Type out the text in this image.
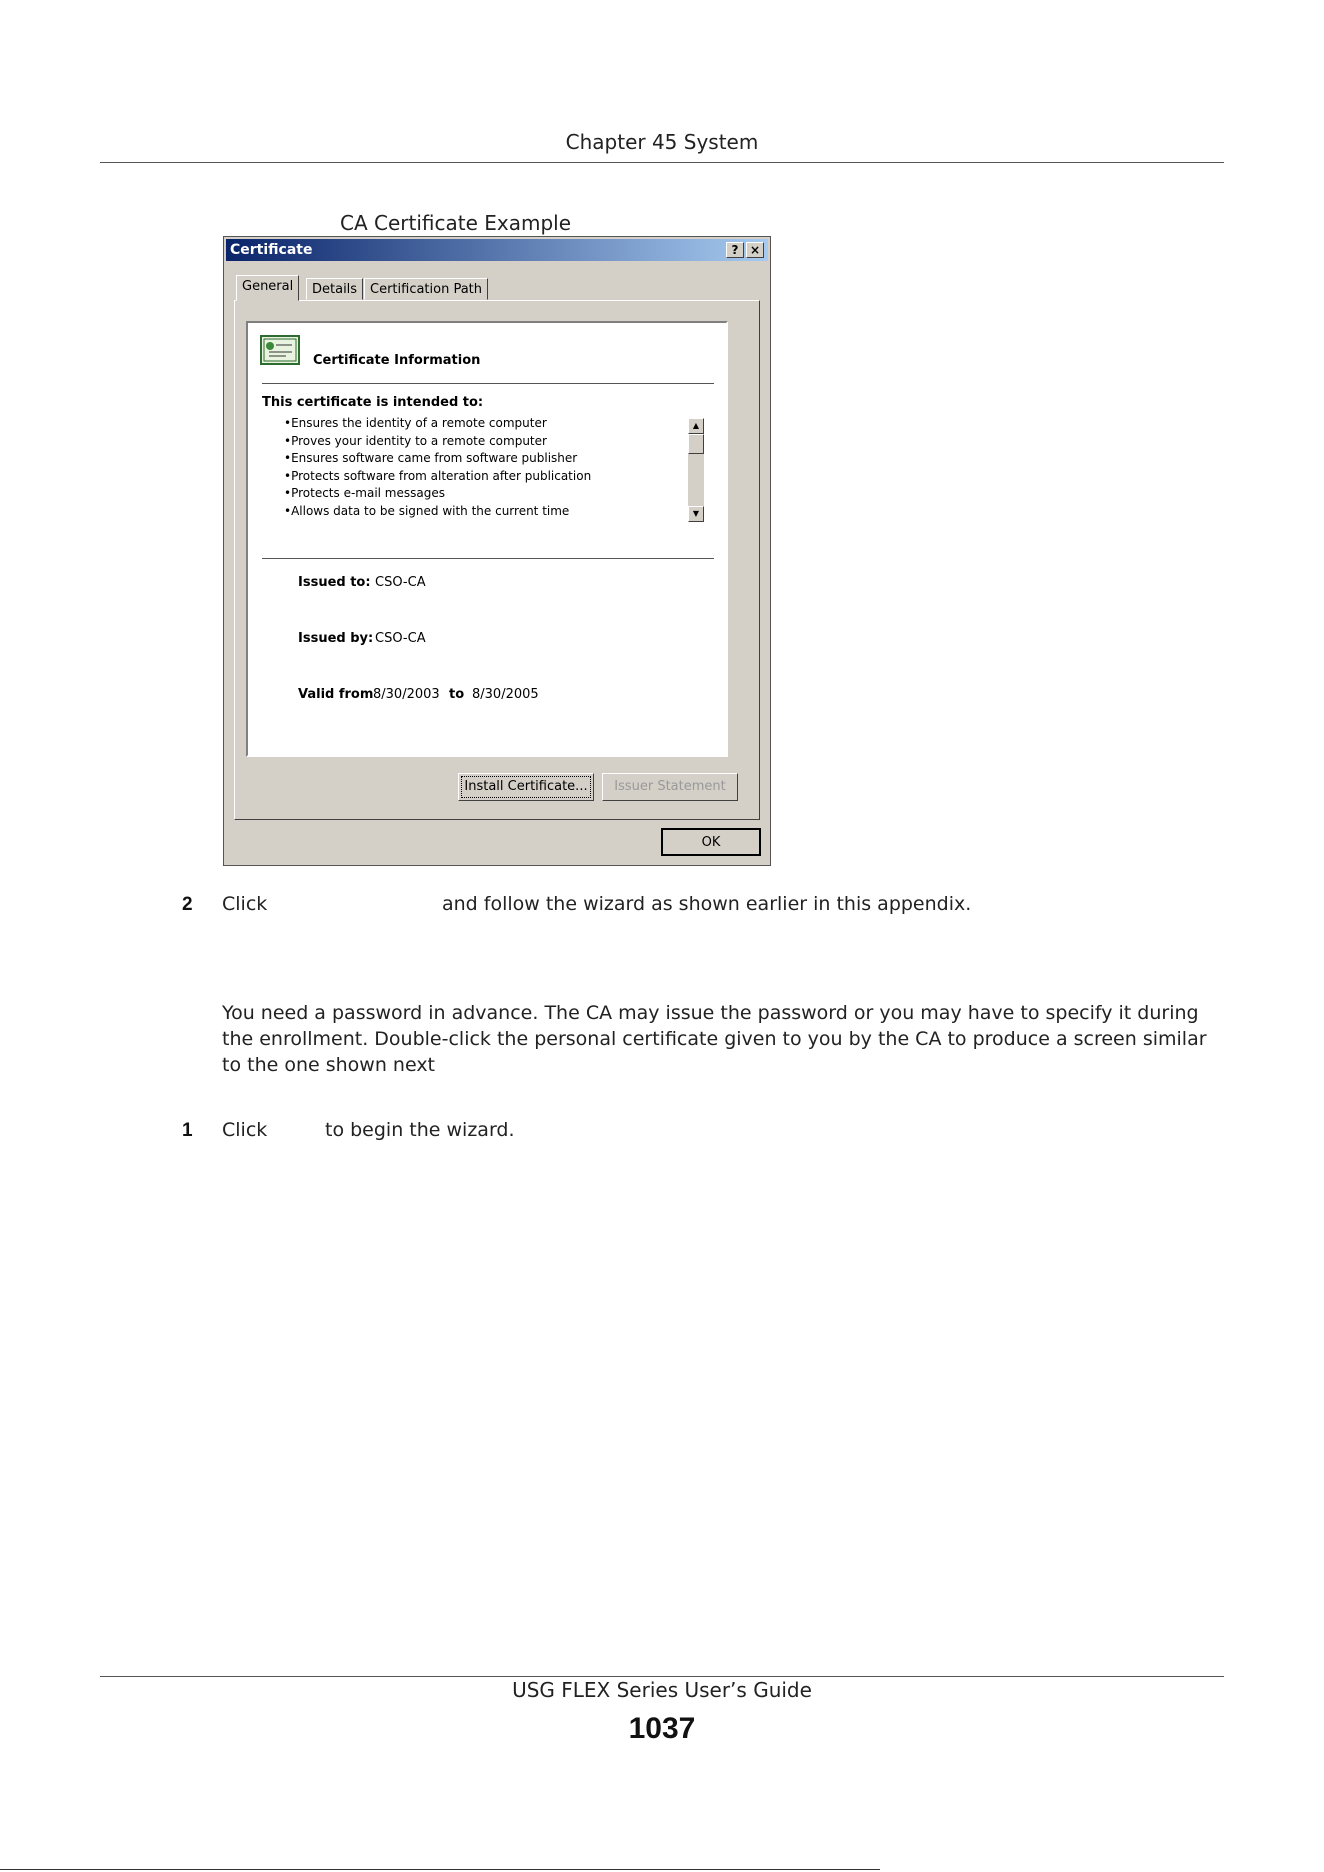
Chapter 45 System
CA Certificate Example
Certificate	? ×
General	Details Certification Path
Certificate Information
This certificate is intended to:
•Ensures the identity of a remote computer
•Proves your identity to a remote computer
•Ensures software came from software publisher
•Protects software from alteration after publication
•Protects e-mail messages
•Allows data to be signed with the current time
▲
▼
Issued to: CSO-CA
Issued by: CSO-CA
Valid from 8/30/2003 to 8/30/2005
Install Certificate...	Issuer Statement
OK
2 Click	and follow the wizard as shown earlier in this appendix.
You need a password in advance. The CA may issue the password or you may have to specify it during
the enrollment. Double-click the personal certificate given to you by the CA to produce a screen similar
to the one shown next
1 Click	to begin the wizard.
USG FLEX Series User’s Guide
1037
